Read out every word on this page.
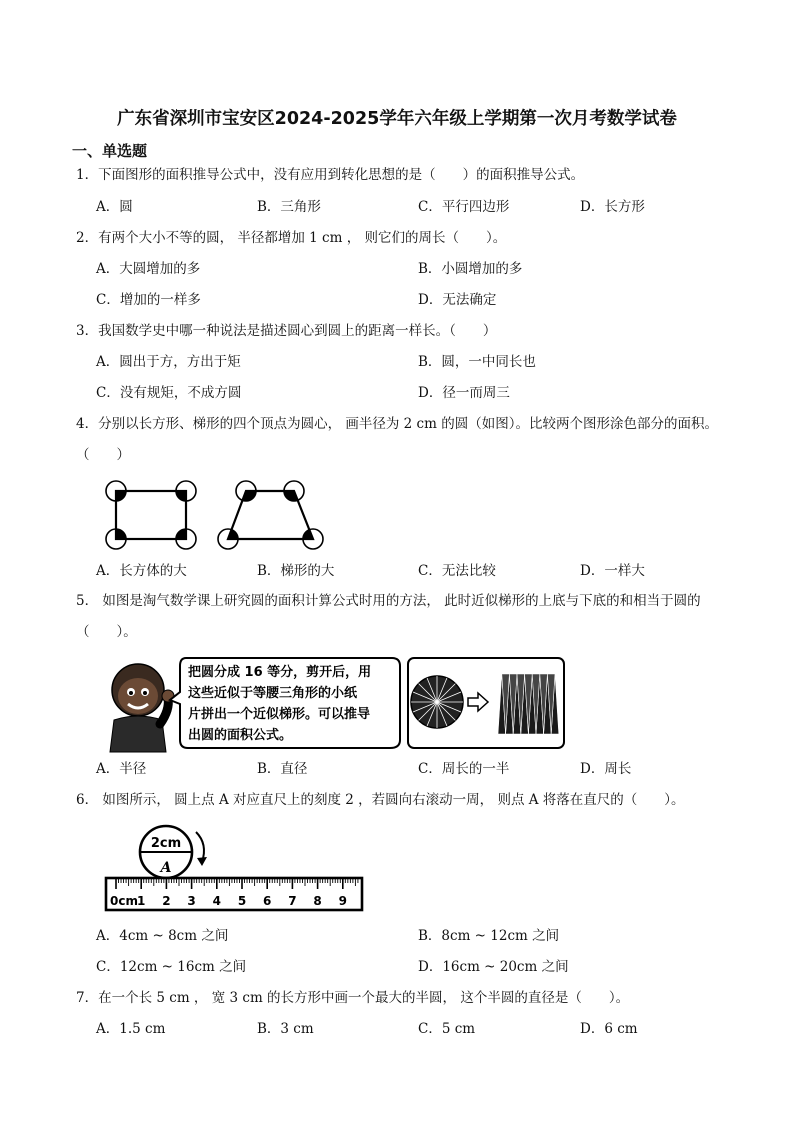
广东省深圳市宝安区2024-2025学年六年级上学期第一次月考数学试卷
一、单选题
1．下面图形的面积推导公式中，没有应用到转化思想的是（　　）的面积推导公式。
A．圆	B．三角形	C．平行四边形	D．长方形
2．有两个大小不等的圆， 半径都增加 1 cm ， 则它们的周长（　　）。
A．大圆增加的多	B．小圆增加的多
C．增加的一样多	D．无法确定
3．我国数学史中哪一种说法是描述圆心到圆上的距离一样长。（　　）
A．圆出于方，方出于矩	B．圆，一中同长也
C．没有规矩，不成方圆	D．径一而周三
4．分别以长方形、梯形的四个顶点为圆心， 画半径为 2 cm 的圆（如图）。比较两个图形涂色部分的面积。（　　）
A．长方体的大	B．梯形的大	C．无法比较	D．一样大
5． 如图是淘气数学课上研究圆的面积计算公式时用的方法， 此时近似梯形的上底与下底的和相当于圆的（　　）。
把圆分成 16 等分，剪开后，用
这些近似于等腰三角形的小纸
片拼出一个近似梯形。可以推导
出圆的面积公式。
A．半径	B．直径	C．周长的一半	D．周长
6． 如图所示， 圆上点 A 对应直尺上的刻度 2 ，若圆向右滚动一周， 则点 A 将落在直尺的（　　）。
2cm
A
0cm 1 2 3 4 5 6 7 8 9
A．4cm ~ 8cm 之间	B．8cm ~ 12cm 之间
C．12cm ~ 16cm 之间	D．16cm ~ 20cm 之间
7．在一个长 5 cm ， 宽 3 cm 的长方形中画一个最大的半圆， 这个半圆的直径是（　　）。
A．1.5 cm	B．3 cm	C．5 cm	D．6 cm
